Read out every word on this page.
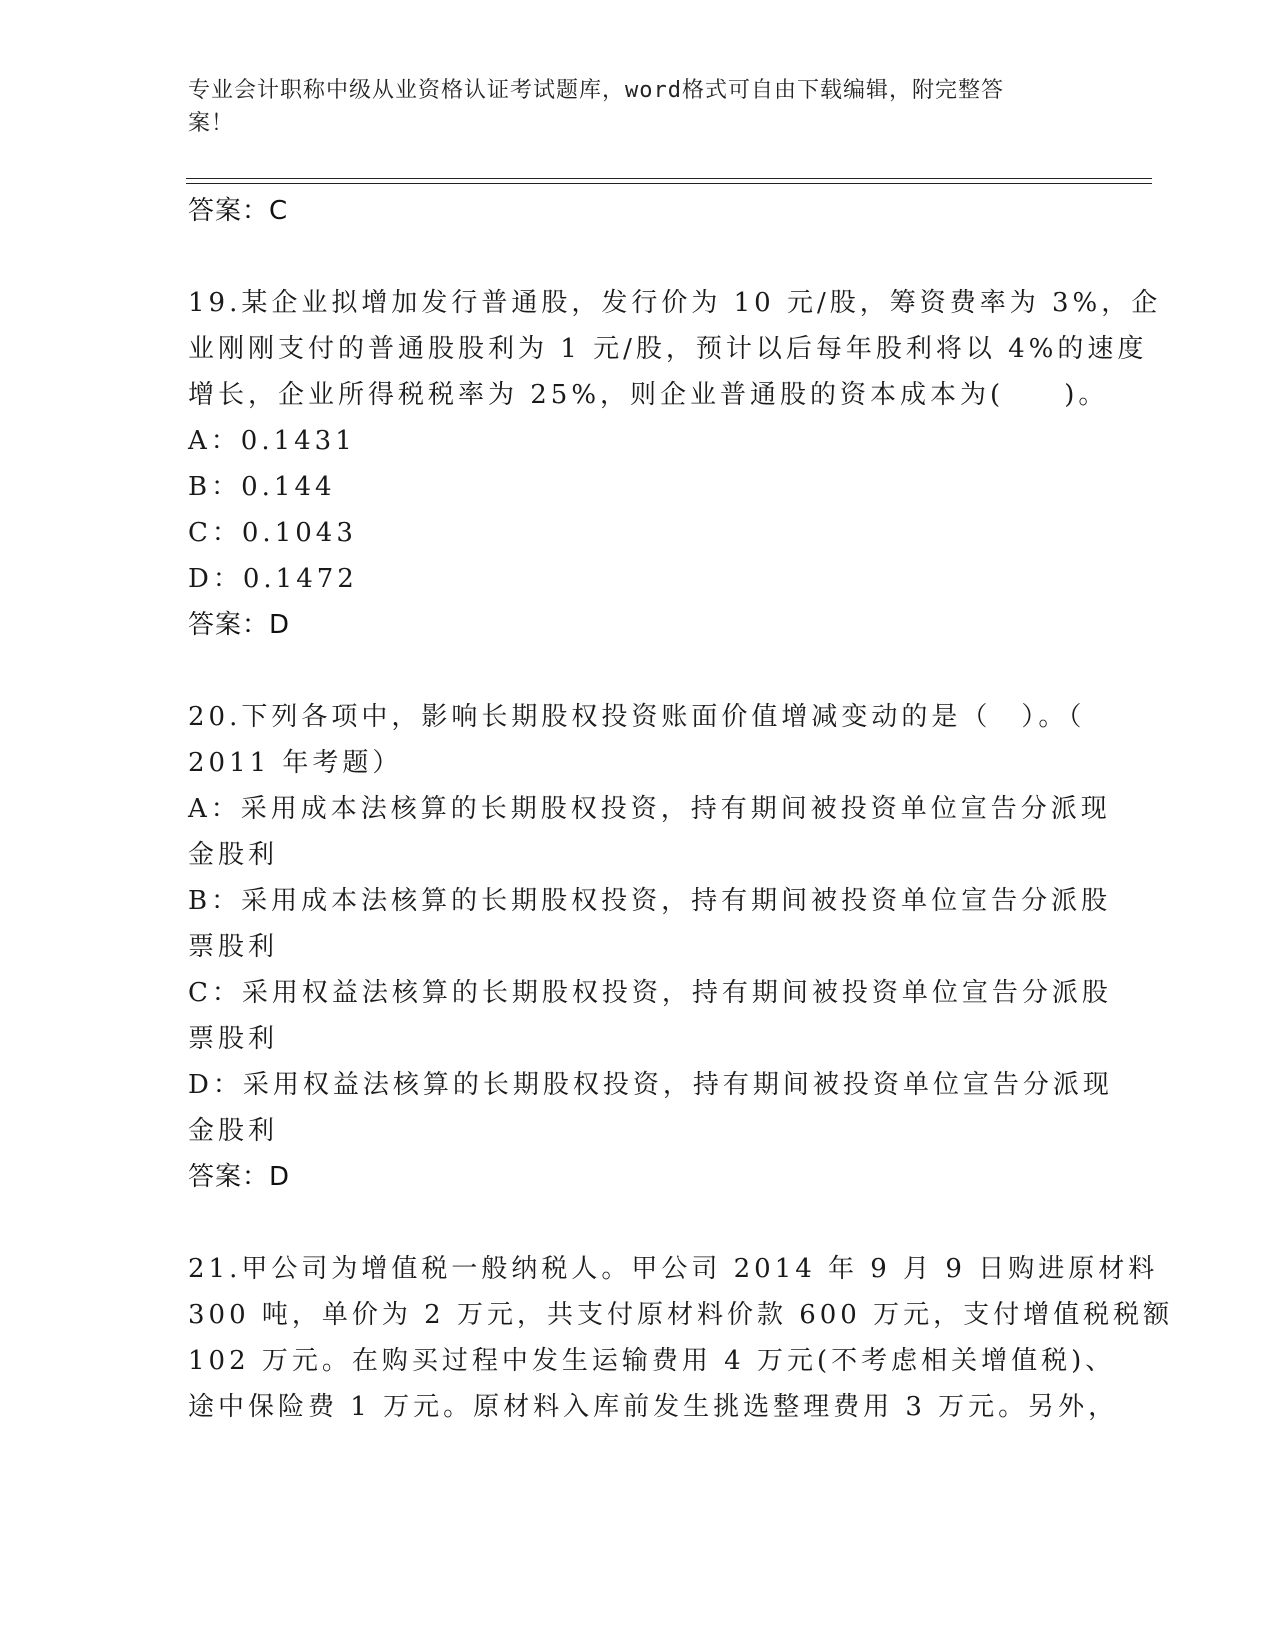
专业会计职称中级从业资格认证考试题库，word格式可自由下载编辑，附完整答
案！
答案：C
19.某企业拟增加发行普通股，发行价为 10 元/股，筹资费率为 3%，企
业刚刚支付的普通股股利为 1 元/股，预计以后每年股利将以 4%的速度
增长，企业所得税税率为 25%，则企业普通股的资本成本为(　　)。
A：0.1431
B：0.144
C：0.1043
D：0.1472
答案：D
20.下列各项中，影响长期股权投资账面价值增减变动的是（　）。（
2011 年考题）
A：采用成本法核算的长期股权投资，持有期间被投资单位宣告分派现
金股利
B：采用成本法核算的长期股权投资，持有期间被投资单位宣告分派股
票股利
C：采用权益法核算的长期股权投资，持有期间被投资单位宣告分派股
票股利
D：采用权益法核算的长期股权投资，持有期间被投资单位宣告分派现
金股利
答案：D
21.甲公司为增值税一般纳税人。甲公司 2014 年 9 月 9 日购进原材料
300 吨，单价为 2 万元，共支付原材料价款 600 万元，支付增值税税额
102 万元。在购买过程中发生运输费用 4 万元(不考虑相关增值税)、
途中保险费 1 万元。原材料入库前发生挑选整理费用 3 万元。另外，
